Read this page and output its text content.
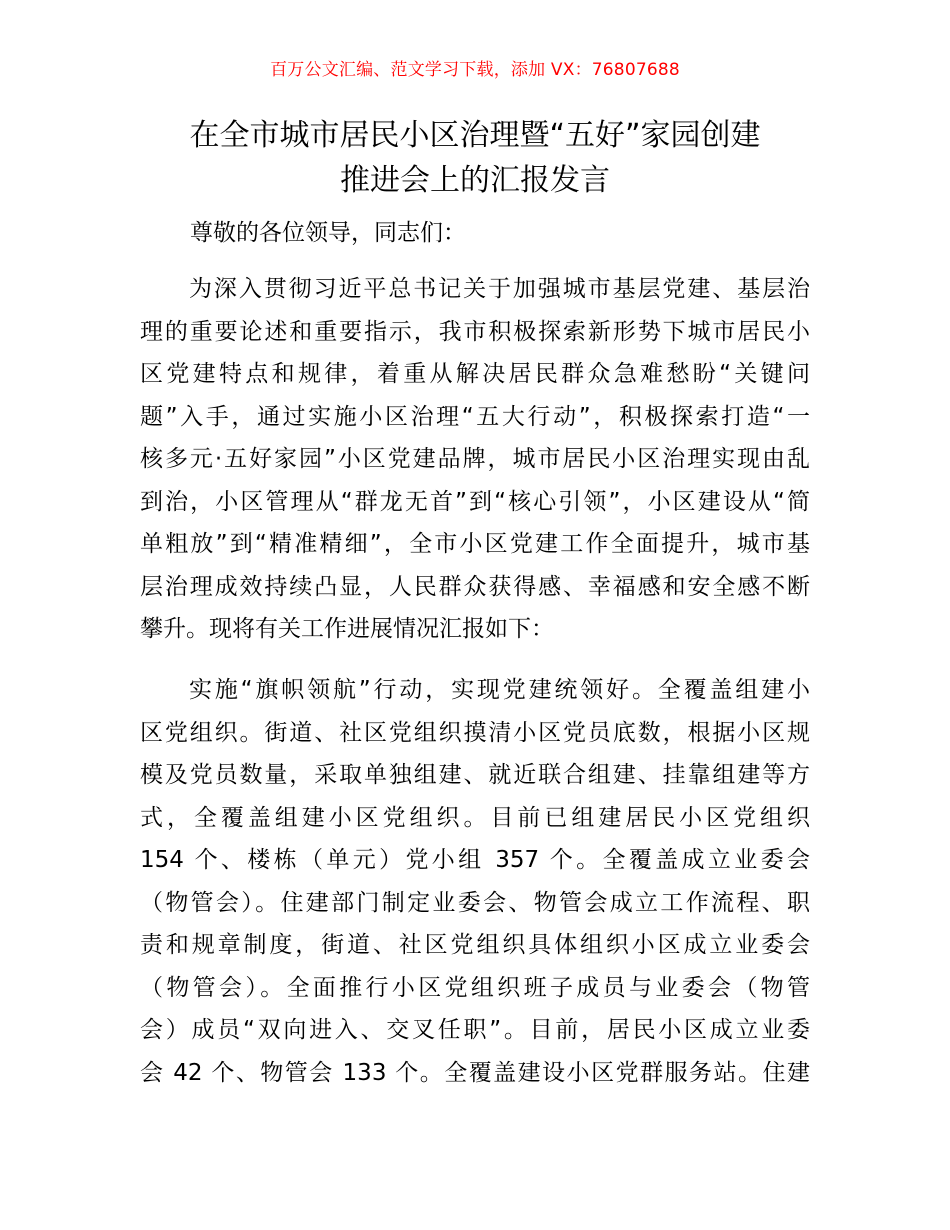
百万公文汇编、范文学习下载，添加 VX：76807688
在全市城市居民小区治理暨“五好”家园创建
推进会上的汇报发言
尊敬的各位领导，同志们：
为深入贯彻习近平总书记关于加强城市基层党建、基层治
理的重要论述和重要指示，我市积极探索新形势下城市居民小
区党建特点和规律，着重从解决居民群众急难愁盼“关键问
题”入手，通过实施小区治理“五大行动”，积极探索打造“一
核多元·五好家园”小区党建品牌，城市居民小区治理实现由乱
到治，小区管理从“群龙无首”到“核心引领”，小区建设从“简
单粗放”到“精准精细”，全市小区党建工作全面提升，城市基
层治理成效持续凸显，人民群众获得感、幸福感和安全感不断
攀升。现将有关工作进展情况汇报如下：
实施“旗帜领航”行动，实现党建统领好。全覆盖组建小
区党组织。街道、社区党组织摸清小区党员底数，根据小区规
模及党员数量，采取单独组建、就近联合组建、挂靠组建等方
式，全覆盖组建小区党组织。目前已组建居民小区党组织
154 个、楼栋（单元）党小组 357 个。全覆盖成立业委会
（物管会）。住建部门制定业委会、物管会成立工作流程、职
责和规章制度，街道、社区党组织具体组织小区成立业委会
（物管会）。全面推行小区党组织班子成员与业委会（物管
会）成员“双向进入、交叉任职”。目前，居民小区成立业委
会 42 个、物管会 133 个。全覆盖建设小区党群服务站。住建
